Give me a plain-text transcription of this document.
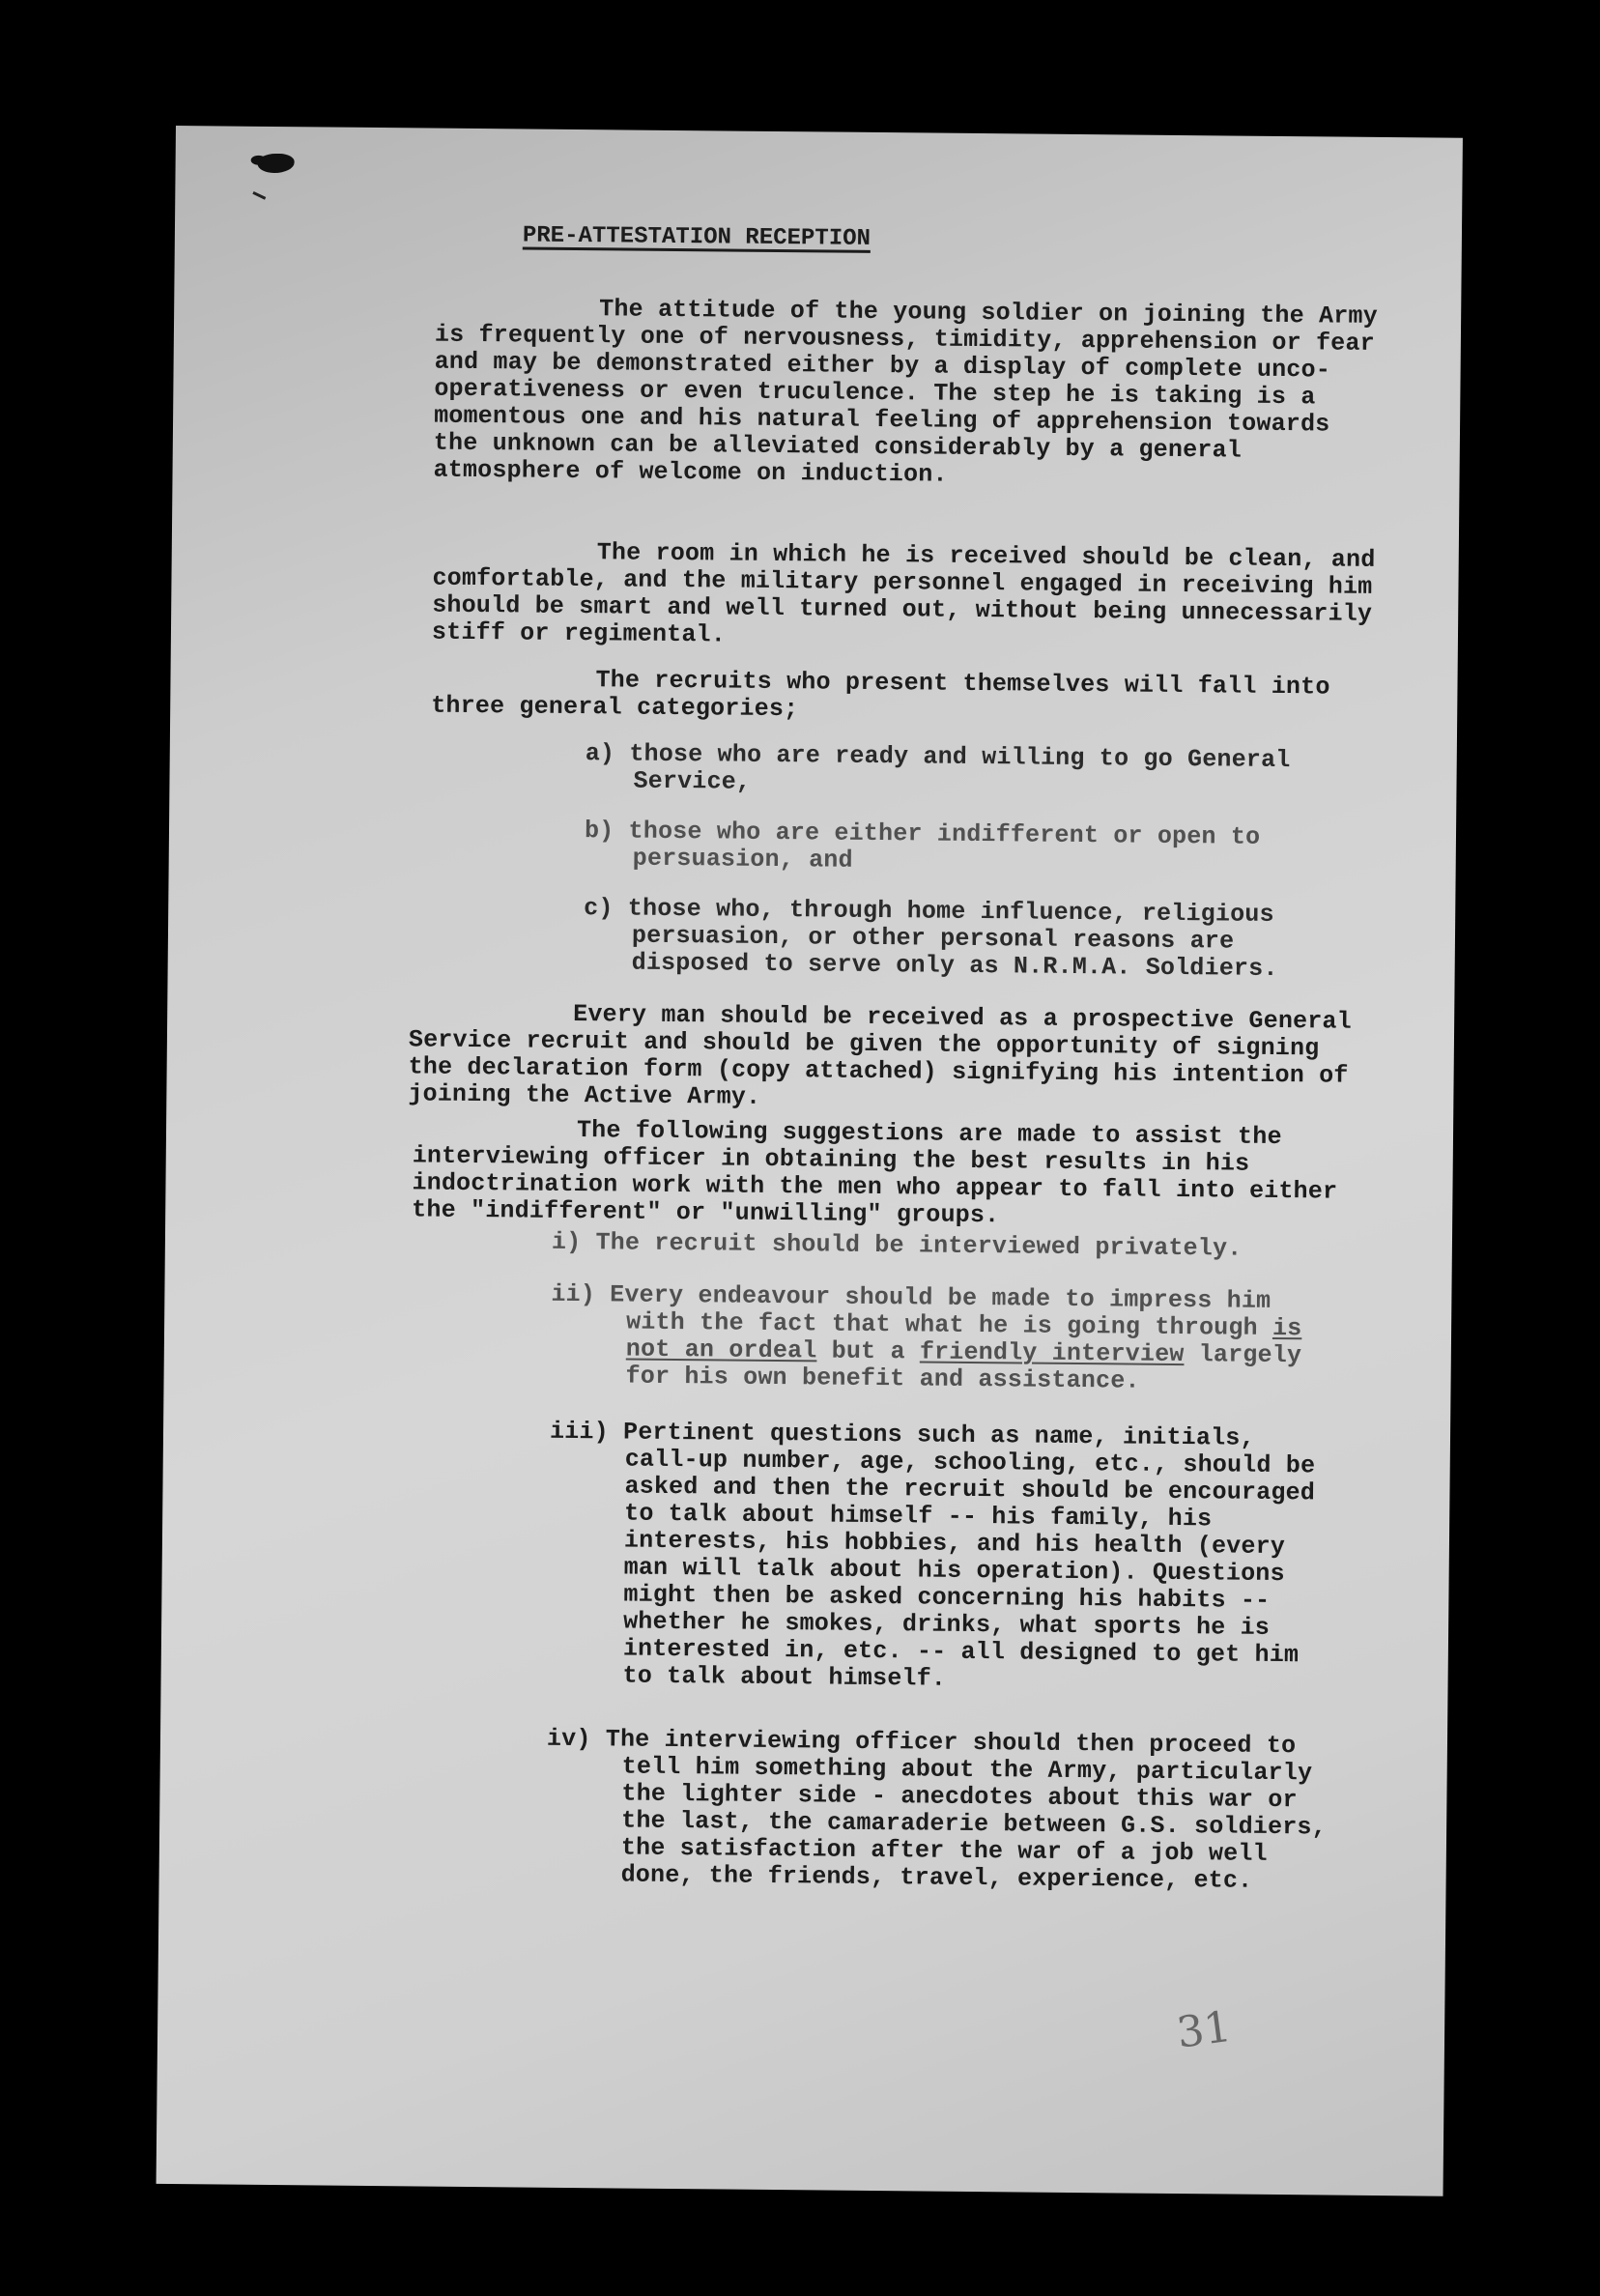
PRE-ATTESTATION RECEPTION
The attitude of the young soldier on joining the Army is frequently one of nervousness, timidity, apprehension or fear and may be demonstrated either by a display of complete unco-operativeness or even truculence. The step he is taking is a momentous one and his natural feeling of apprehension towards the unknown can be alleviated considerably by a general atmosphere of welcome on induction.
The room in which he is received should be clean, and comfortable, and the military personnel engaged in receiving him should be smart and well turned out, without being unnecessarily stiff or regimental.
The recruits who present themselves will fall into three general categories;
a) those who are ready and willing to go General Service,
b) those who are either indifferent or open to persuasion, and
c) those who, through home influence, religious persuasion, or other personal reasons are disposed to serve only as N.R.M.A. Soldiers.
Every man should be received as a prospective General Service recruit and should be given the opportunity of signing the declaration form (copy attached) signifying his intention of joining the Active Army.
The following suggestions are made to assist the interviewing officer in obtaining the best results in his indoctrination work with the men who appear to fall into either the "indifferent" or "unwilling" groups.
i) The recruit should be interviewed privately.
ii) Every endeavour should be made to impress him with the fact that what he is going through is not an ordeal but a friendly interview largely for his own benefit and assistance.
iii) Pertinent questions such as name, initials, call-up number, age, schooling, etc., should be asked and then the recruit should be encouraged to talk about himself -- his family, his interests, his hobbies, and his health (every man will talk about his operation). Questions might then be asked concerning his habits -- whether he smokes, drinks, what sports he is interested in, etc. -- all designed to get him to talk about himself.
iv) The interviewing officer should then proceed to tell him something about the Army, particularly the lighter side - anecdotes about this war or the last, the camaraderie between G.S. soldiers, the satisfaction after the war of a job well done, the friends, travel, experience, etc.
31
